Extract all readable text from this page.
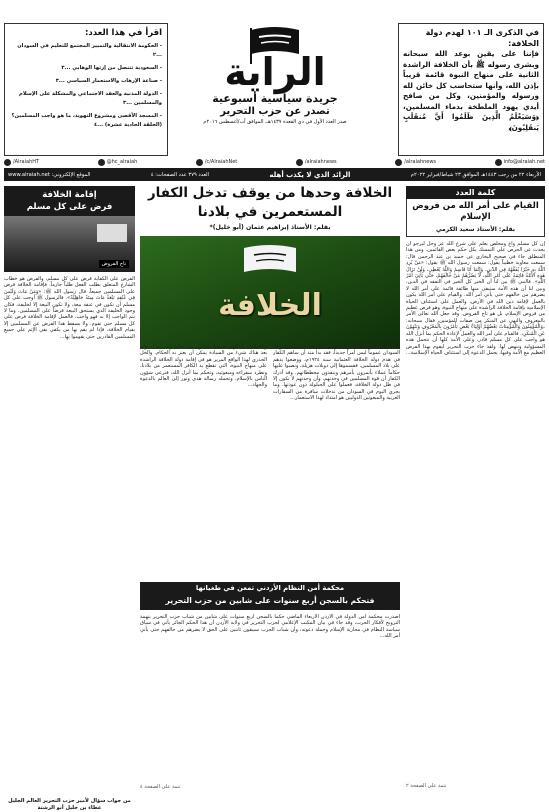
في الذكرى الـ ١٠١ لهدم دولة الخلافة:
فإننا على يقين بوعد الله سبحانه وبشرى رسوله ﷺ بأن الخلافة الراشدة الثانية على منهاج النبوة قائمة قريباً بإذن الله، وأنها ستحاسب كل خائن لله ورسوله والمؤمنين، وكل من صافح أيدي يهود الملطخة بدماء المسلمين، ﴿وَسَيَعْلَمُ الَّذِينَ ظَلَمُوا أَيَّ مُنقَلَبٍ يَنقَلِبُونَ﴾
الراية
جريدة سياسية أسبوعية
تصدر عن حزب التحرير
صدر العدد الأول في ذي القعدة ١٤٣٧هـ، الموافق آب/أغسطس ٢٠١٦م
اقرأ في هذا العدد:
- الحكومة الانتقالية والتمييز المجتمع للتعليم في السودان ...٢
- السعودية تتنصل من إرثها الوهابي ...٣
- صناعة الإرهاب والاستعمار السياسي ...٣
- الدولة المدنية والعقد الاجتماعي والمشكلة على الإسلام والمسلمين ...٣
- المسجد الأقصى ومشروع التهويد، ما هو واجب المسلمين؟ (الحلقة الحادية عشرة) ...٤
/AlraiahHT	@hc_alraiah	/c/AlraiahNet	/alraiahnews	/alraiahnews	info@alraiah.net
الأربعاء ٢٢ من رجب ١٤٤٣هـ الموافق ٢٣ شباط/فبراير ٢٠٢٢م
الرائد الذي لا يكذب أهله
العدد ٣٧٩ عدد الصفحات: ٤
الموقع الإلكتروني: www.alraiah.net
كلمة العدد
القيام على أمر الله من فروض الإسلام
بقلم: الأستاذ سعيد الكرمي
إن كل مسلم واع ومخلص يعلم على شرع الله عز وجل ليرجو أن يحدث عن الحرص على التمسك بكل حكم بعض القائمين. ومن هذا المنطلق جاء في صحيح البخاري عن حميد بن عبد الرحمن قال: سمعت معاوية خطيباً يقول: سمعت رسول الله ﷺ يقول: «مَنْ يُرِدِ اللَّهُ بِهِ خَيْرًا يُفَقِّهْهُ فِي الدِّينِ، وَإِنَّمَا أَنَا قَاسِمٌ وَاللَّهُ يُعْطِي، وَلَنْ تَزَالَ هَذِهِ الأُمَّةُ قَائِمَةً عَلَى أَمْرِ اللَّهِ، لاَ يَضُرُّهُمْ مَنْ خَالَفَهُمْ، حَتَّى يَأْتِيَ أَمْرُ اللَّهِ». فالنبي ﷺ بين لنا أن الخير كل الخير في التفقه في الدين، وبين لنا أن هذه الأمة ستبقى منها طائفة قائمة على أمر الله لا يضرهم من خالفهم حتى يأتي أمر الله. والقيام على أمر الله يكون بالعمل لإقامة دين الله في الأرض، والعمل على استئناف الحياة الإسلامية بإقامة الخلافة الراشدة على منهاج النبوة، وهو فرض عظيم من فروض الإسلام، بل هو تاج الفروض. وقد جعل الله تعالى الأمر بالمعروف والنهي عن المنكر من صفات المؤمنين، فقال سبحانه: ﴿وَالْمُؤْمِنُونَ وَالْمُؤْمِنَاتُ بَعْضُهُمْ أَوْلِيَاءُ بَعْضٍ يَأْمُرُونَ بِالْمَعْرُوفِ وَيَنْهَوْنَ عَنِ الْمُنكَرِ﴾. فالقيام على أمر الله والعمل لإعادة الحكم بما أنزل الله هو واجب على كل مسلم قادر، وعلى الأمة كلها أن تتحمل هذه المسؤولية وتنهض لها. ولقد جاء حزب التحرير ليقوم بهذا الفرض العظيم مع الأمة وفيها، يحمل الدعوة إلى استئناف الحياة الإسلامية...
تتمة على الصفحة ٢
الخلافة وحدها من يوقف تدخل الكفار المستعمرين في بلادنا
بقلم: الأستاذ إبراهيم عثمان (أبو خليل)*
الخلافة
إن تدخل الغرب الكافر المستعمر في بلاد المسلمين وبلاد السودان عموماً ليس أمراً جديداً، فقد بدأ منذ أن ساهم الكفار في هدم دولة الخلافة العثمانية سنة ١٩٢٤م، ووضعوا يدهم على بلاد المسلمين، فقسموها إلى دويلات هزيلة، ونصبوا عليها حكاماً عملاء يأتمرون بأمرهم وينفذون مخططاتهم. وقد أدرك الكفار أن قوة المسلمين في وحدتهم، وأن وحدتهم لا تكون إلا في ظل دولة الخلافة، فعملوا على الحيلولة دون عودتها. وما يجري اليوم في السودان من تدخلات سافرة من السفارات الغربية والمبعوثين الدوليين هو امتداد لهذا الاستعمار...
والقوانين، بل إنهم أصبحوا يحددون من يحكم ومن يعزل، ولم يعد هناك شيء من السيادة يمكن أن يعتز به الحكام. والحل الجذري لهذا الواقع المرير هو في إقامة دولة الخلافة الراشدة على منهاج النبوة، التي تقطع يد الكافر المستعمر من بلادنا، وتطرد سفراءه ومبعوثيه، وتحكم بما أنزل الله، فترعى شؤون الناس بالإسلام، وتحمله رسالة هدى ونور إلى العالم بالدعوة والجهاد...
محكمة أمن النظام الأردني تمعن في طغيانها
فتحكم بالسجن أربع سنوات على شابين من حزب التحرير
أصدرت محكمة أمن الدولة في الأردن الأربعاء الماضي حكماً بالسجن أربع سنوات على شابين من شباب حزب التحرير بتهمة الترويج لأفكار الحزب، وقد جاء في بيان المكتب الإعلامي لحزب التحرير في ولاية الأردن أن هذا الحكم الجائر يأتي في سياق سياسة النظام في محاربة الإسلام وحملة دعوته، وأن شباب الحزب سيبقون ثابتين على الحق لا يضرهم من خالفهم حتى يأتي أمر الله...
تتمة على الصفحة ٤
إقامة الخلافة
فرض على كل مسلم
تاج الفروض
الفرض على الكفاية فرض على كل مسلم، والفرض هو خطاب الشارع المتعلق بطلب الفعل طلباً جازماً. فإقامة الخلافة فرض على المسلمين جميعاً، قال رسول الله ﷺ: «وَمَنْ مَاتَ وَلَيْسَ فِي عُنُقِهِ بَيْعَةٌ مَاتَ مِيتَةً جَاهِلِيَّةً». فالرسول ﷺ أوجب على كل مسلم أن تكون في عنقه بيعة، ولا تكون البيعة إلا لخليفة، فكان وجود الخليفة الذي يستحق البيعة فرضاً على المسلمين. وما لا يتم الواجب إلا به فهو واجب، فالعمل لإقامة الخلافة فرض على كل مسلم حتى تقوم. ولا يسقط هذا الفرض عن المسلمين إلا بقيام الخلافة، فإذا لم يقم بها من يكفي بقي الإثم على جميع المسلمين القادرين حتى يقوموا بها...
من جواب سؤال لأمير حزب التحرير العالم الجليل عطاء بن خليل أبو الرشتة
